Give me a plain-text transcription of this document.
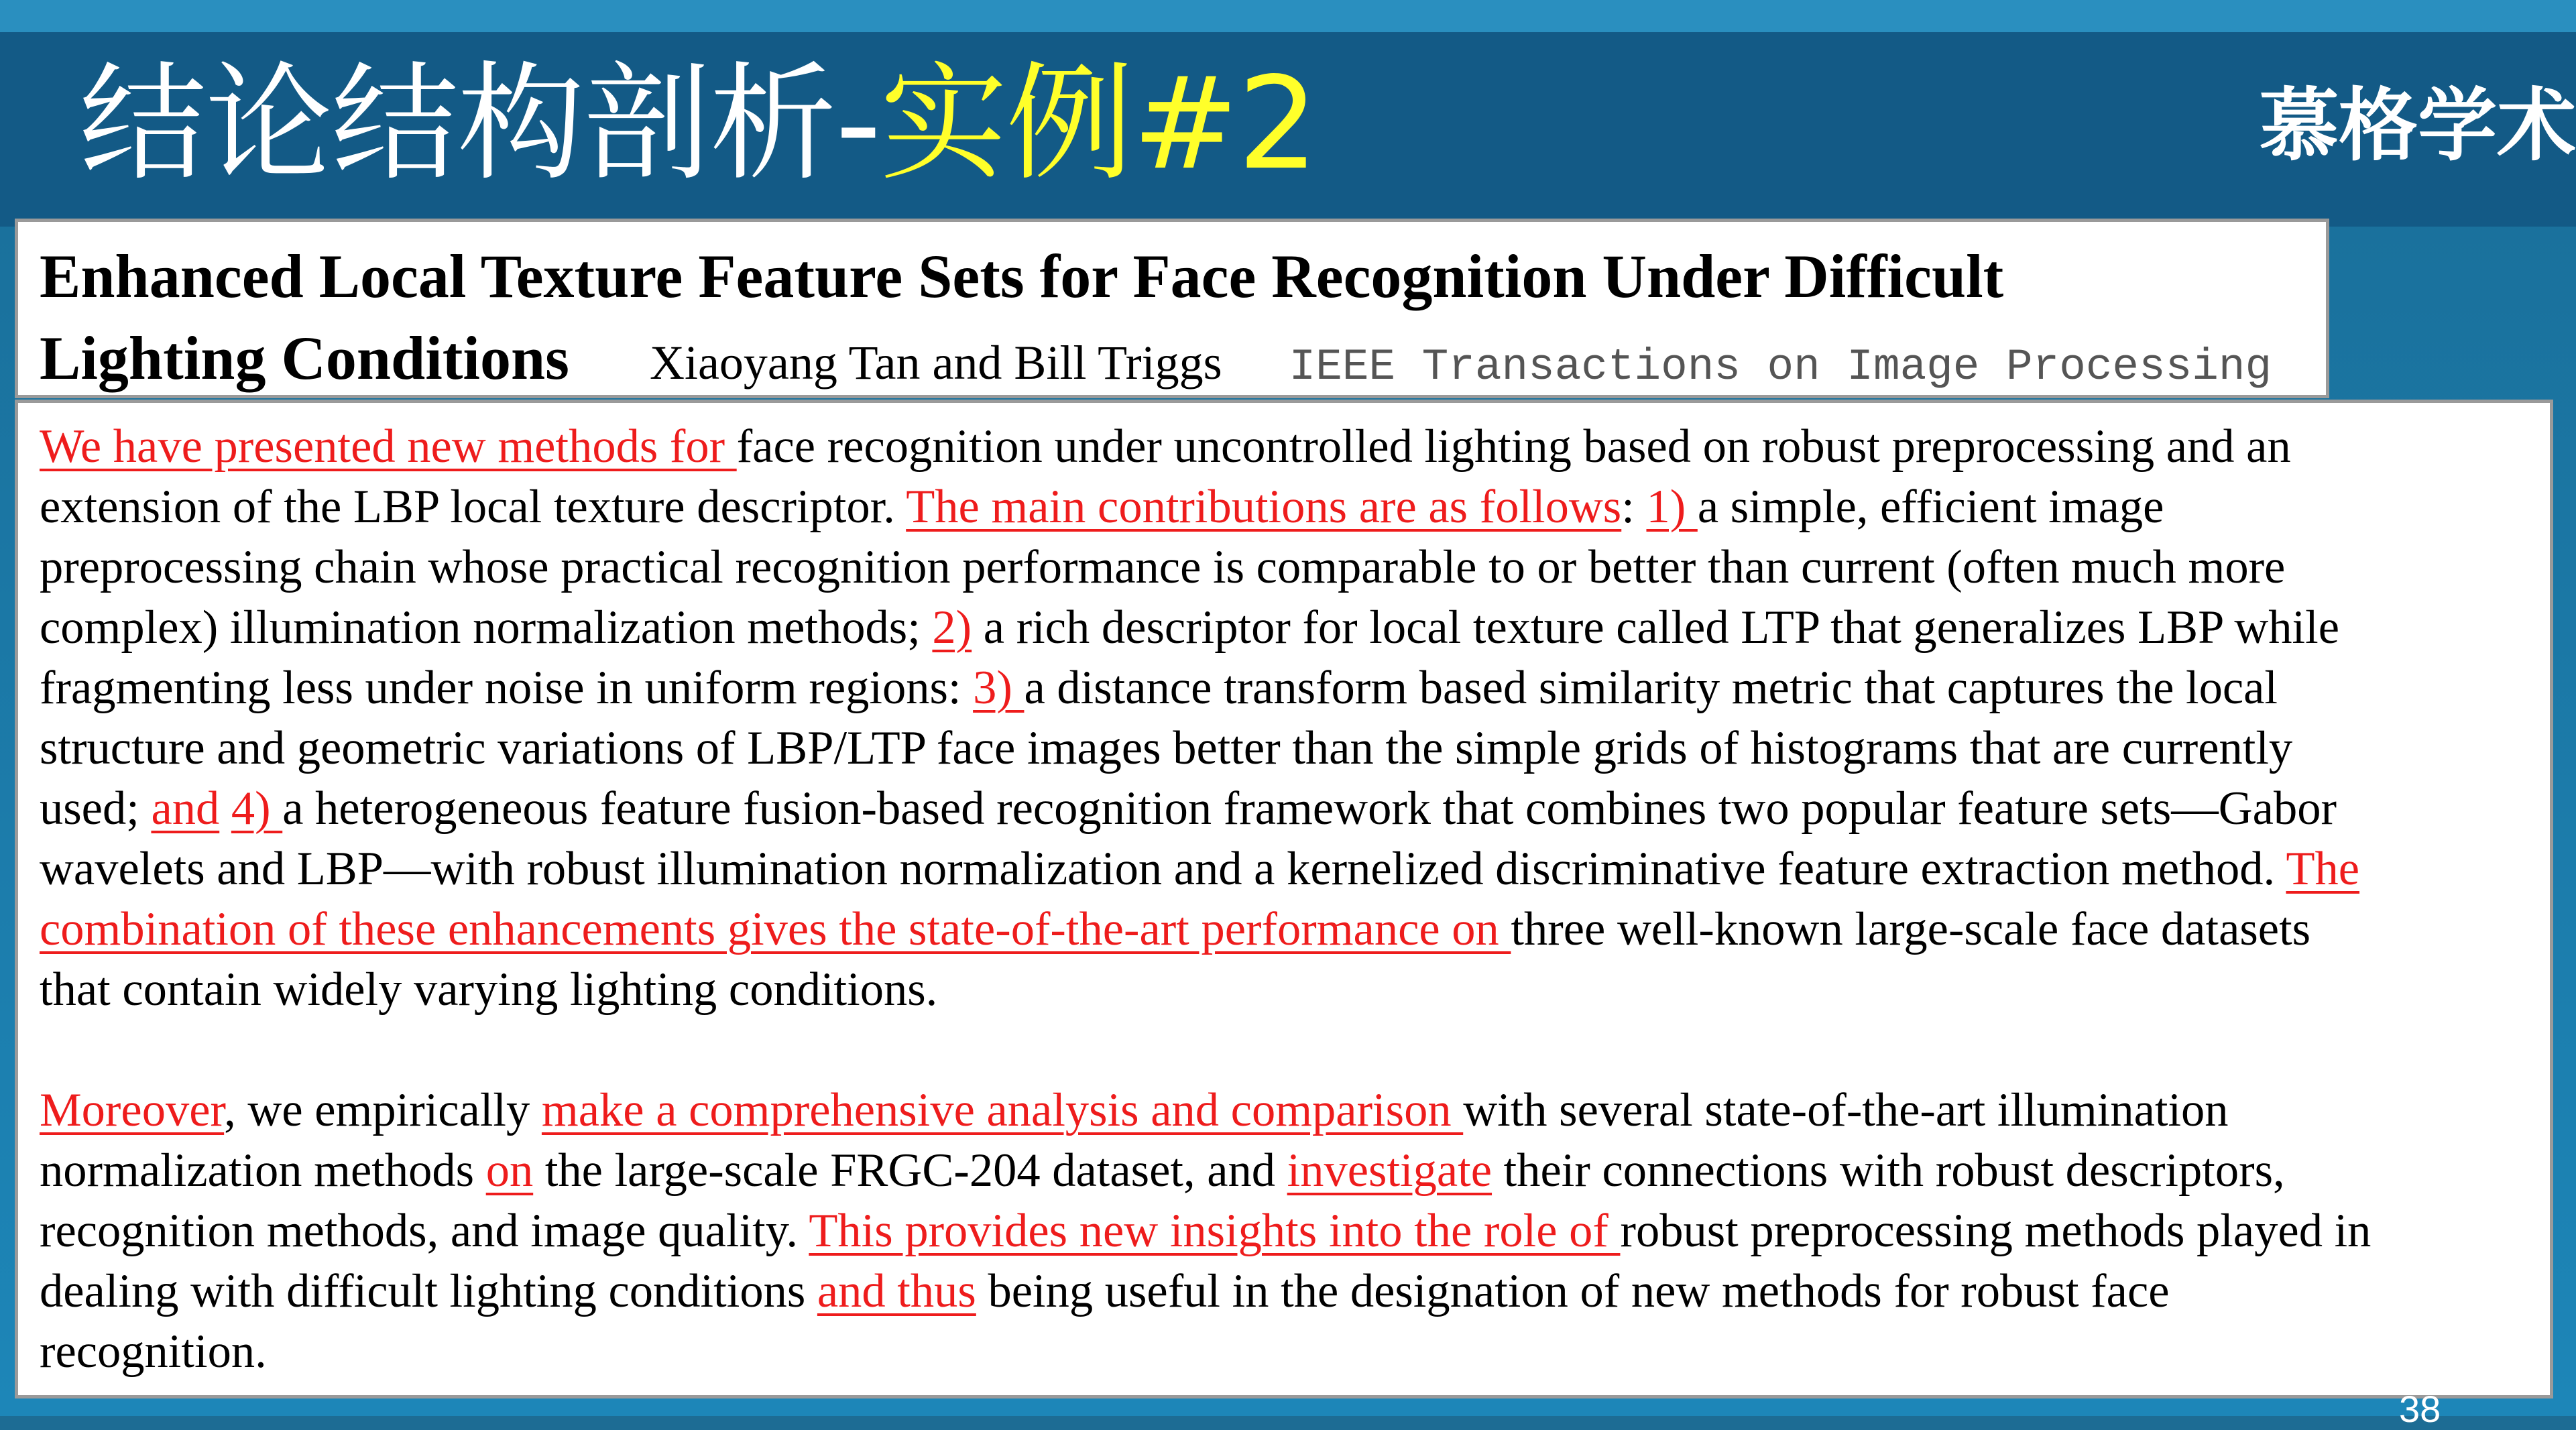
结论结构剖析-实例#2	慕格学术
Enhanced Local Texture Feature Sets for Face Recognition Under Difficult
Lighting Conditions Xiaoyang Tan and Bill Triggs IEEE Transactions on Image Processing
We have presented new methods for face recognition under uncontrolled lighting based on robust preprocessing and an
extension of the LBP local texture descriptor. The main contributions are as follows: 1) a simple, efficient image
preprocessing chain whose practical recognition performance is comparable to or better than current (often much more
complex) illumination normalization methods; 2) a rich descriptor for local texture called LTP that generalizes LBP while
fragmenting less under noise in uniform regions: 3) a distance transform based similarity metric that captures the local
structure and geometric variations of LBP/LTP face images better than the simple grids of histograms that are currently
used; and 4) a heterogeneous feature fusion-based recognition framework that combines two popular feature sets—Gabor
wavelets and LBP—with robust illumination normalization and a kernelized discriminative feature extraction method. The
combination of these enhancements gives the state-of-the-art performance on three well-known large-scale face datasets
that contain widely varying lighting conditions.
Moreover, we empirically make a comprehensive analysis and comparison with several state-of-the-art illumination
normalization methods on the large-scale FRGC-204 dataset, and investigate their connections with robust descriptors,
recognition methods, and image quality. This provides new insights into the role of robust preprocessing methods played in
dealing with difficult lighting conditions and thus being useful in the designation of new methods for robust face
recognition.
38
